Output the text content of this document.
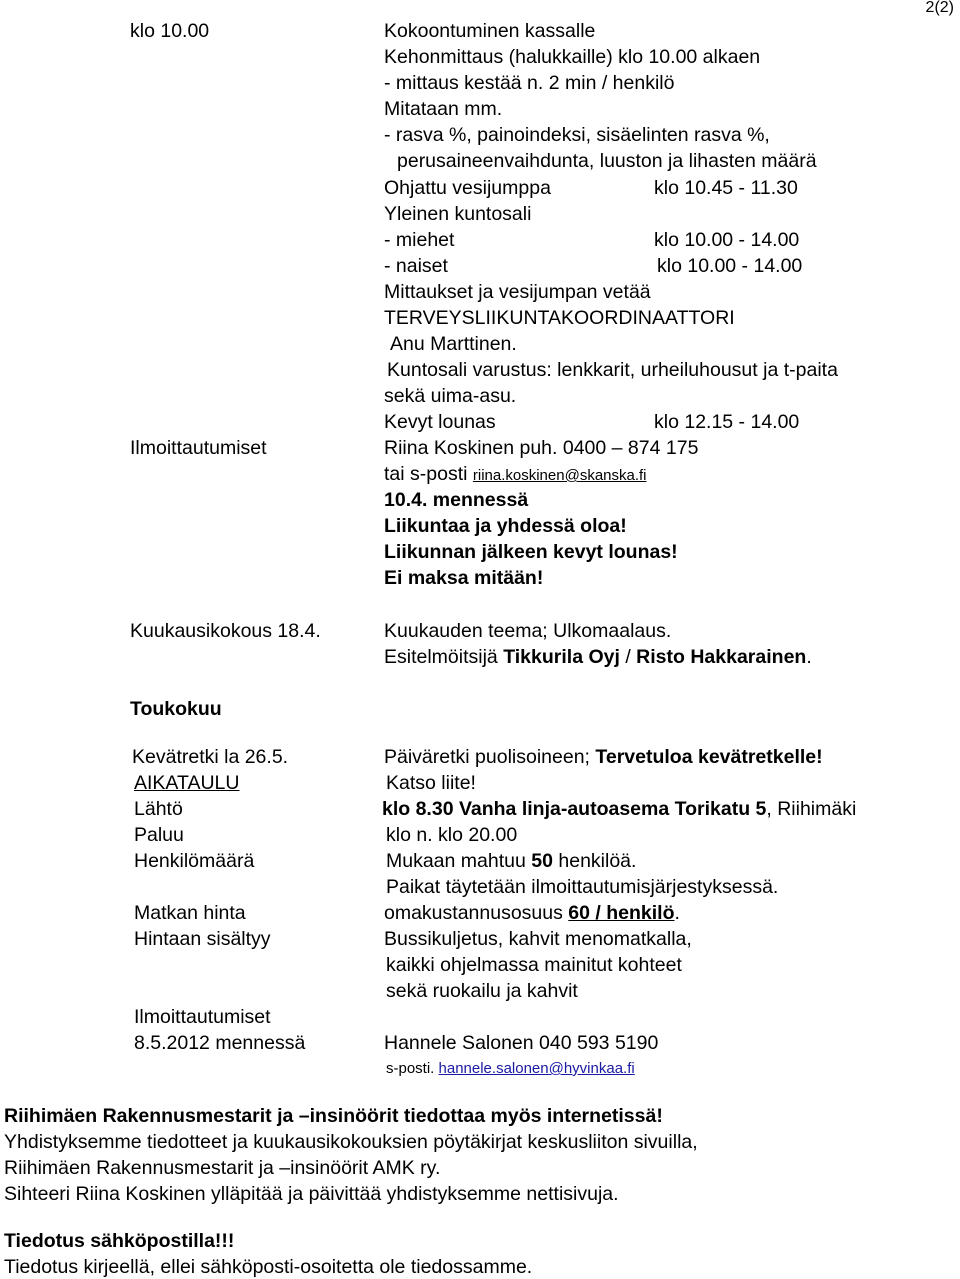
2(2)
klo 10.00	Kokoontuminen kassalle
Kehonmittaus (halukkaille) klo 10.00 alkaen
- mittaus kestää n. 2 min / henkilö
Mitataan mm.
- rasva %, painoindeksi, sisäelinten rasva %,
perusaineenvaihdunta, luuston ja lihasten määrä
Ohjattu vesijumppa	klo 10.45 - 11.30
Yleinen kuntosali
- miehet	klo 10.00 - 14.00
- naiset	klo 10.00 - 14.00
Mittaukset ja vesijumpan vetää
TERVEYSLIIKUNTAKOORDINAATTORI
Anu Marttinen.
Kuntosali varustus: lenkkarit, urheiluhousut ja t-paita
sekä uima-asu.
Kevyt lounas	klo 12.15 - 14.00
Ilmoittautumiset	Riina Koskinen puh. 0400 – 874 175
tai s-posti riina.koskinen@skanska.fi
10.4. mennessä
Liikuntaa ja yhdessä oloa!
Liikunnan jälkeen kevyt lounas!
Ei maksa mitään!
Kuukausikokous 18.4.	Kuukauden teema; Ulkomaalaus.
Esitelmöitsijä Tikkurila Oyj / Risto Hakkarainen.
Toukokuu
Kevätretki la 26.5.	Päiväretki puolisoineen; Tervetuloa kevätretkelle!
AIKATAULU	Katso liite!
Lähtö	klo 8.30 Vanha linja-autoasema Torikatu 5, Riihimäki
Paluu	klo n. klo 20.00
Henkilömäärä	Mukaan mahtuu 50 henkilöä.
Paikat täytetään ilmoittautumisjärjestyksessä.
Matkan hinta	omakustannusosuus 60 / henkilö.
Hintaan sisältyy	Bussikuljetus, kahvit menomatkalla,
kaikki ohjelmassa mainitut kohteet
sekä ruokailu ja kahvit
Ilmoittautumiset
8.5.2012 mennessä	Hannele Salonen 040 593 5190
s-posti. hannele.salonen@hyvinkaa.fi
Riihimäen Rakennusmestarit ja –insinöörit tiedottaa myös internetissä!
Yhdistyksemme tiedotteet ja kuukausikokouksien pöytäkirjat keskusliiton sivuilla,
Riihimäen Rakennusmestarit ja –insinöörit AMK ry.
Sihteeri Riina Koskinen ylläpitää ja päivittää yhdistyksemme nettisivuja.
Tiedotus sähköpostilla!!!
Tiedotus kirjeellä, ellei sähköposti-osoitetta ole tiedossamme.
